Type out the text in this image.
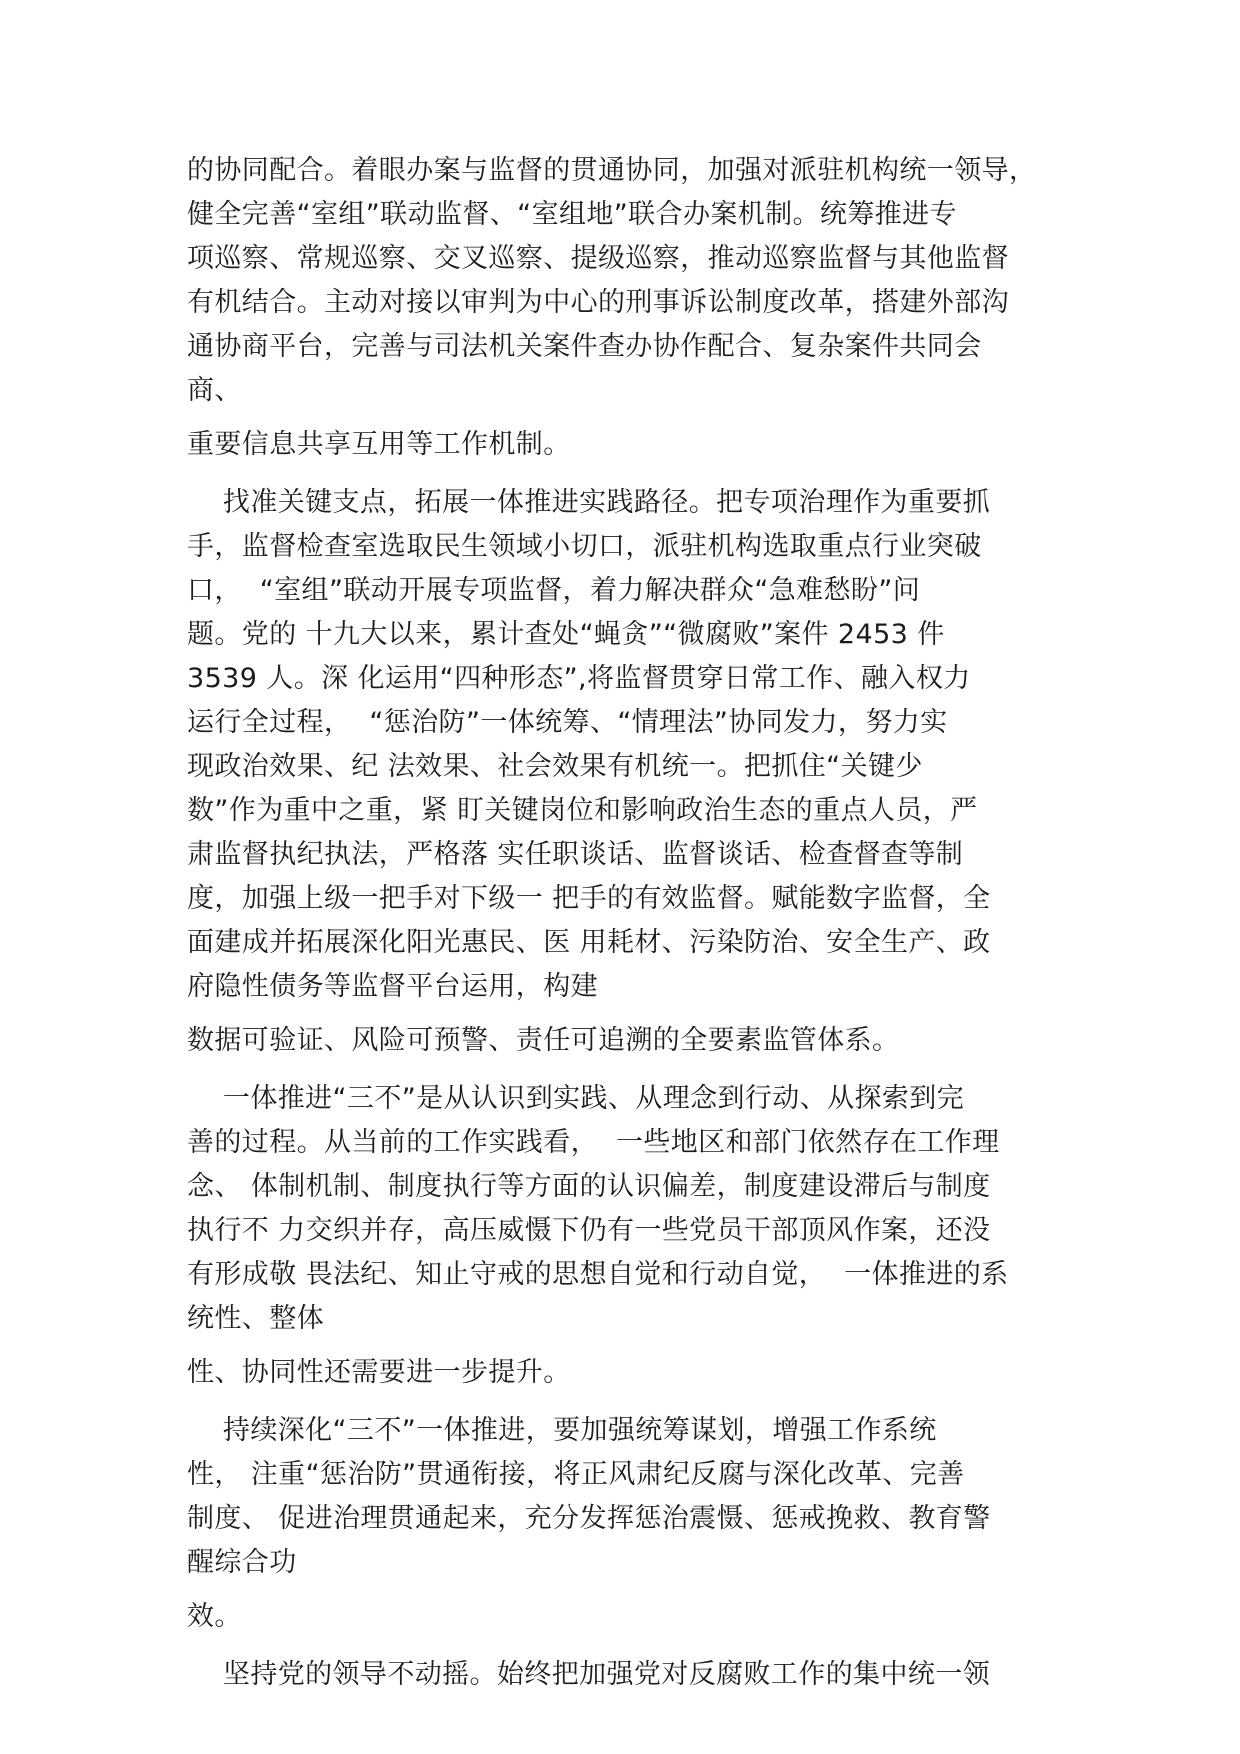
的协同配合。着眼办案与监督的贯通协同，加强对派驻机构统一领导，
健全完善“室组”联动监督、“室组地”联合办案机制。统筹推进专
项巡察、常规巡察、交叉巡察、提级巡察，推动巡察监督与其他监督
有机结合。主动对接以审判为中心的刑事诉讼制度改革，搭建外部沟
通协商平台，完善与司法机关案件查办协作配合、复杂案件共同会
商、
重要信息共享互用等工作机制。
找准关键支点，拓展一体推进实践路径。把专项治理作为重要抓
手，监督检查室选取民生领域小切口，派驻机构选取重点行业突破
口，  “室组”联动开展专项监督，着力解决群众“急难愁盼”问
题。党的 十九大以来，累计查处“蝇贪”“微腐败”案件 2453 件
3539 人。深 化运用“四种形态”,将监督贯穿日常工作、融入权力
运行全过程，  “惩治防”一体统筹、“情理法”协同发力，努力实
现政治效果、纪 法效果、社会效果有机统一。把抓住“关键少
数”作为重中之重，紧 盯关键岗位和影响政治生态的重点人员，严
肃监督执纪执法，严格落 实任职谈话、监督谈话、检查督查等制
度，加强上级一把手对下级一 把手的有效监督。赋能数字监督，全
面建成并拓展深化阳光惠民、医 用耗材、污染防治、安全生产、政
府隐性债务等监督平台运用，构建
数据可验证、风险可预警、责任可追溯的全要素监管体系。
一体推进“三不”是从认识到实践、从理念到行动、从探索到完
善的过程。从当前的工作实践看，  一些地区和部门依然存在工作理
念、 体制机制、制度执行等方面的认识偏差，制度建设滞后与制度
执行不 力交织并存，高压威慑下仍有一些党员干部顶风作案，还没
有形成敬 畏法纪、知止守戒的思想自觉和行动自觉，  一体推进的系
统性、整体
性、协同性还需要进一步提升。
持续深化“三不”一体推进，要加强统筹谋划，增强工作系统
性， 注重“惩治防”贯通衔接，将正风肃纪反腐与深化改革、完善
制度、 促进治理贯通起来，充分发挥惩治震慑、惩戒挽救、教育警
醒综合功
效。
坚持党的领导不动摇。始终把加强党对反腐败工作的集中统一领
